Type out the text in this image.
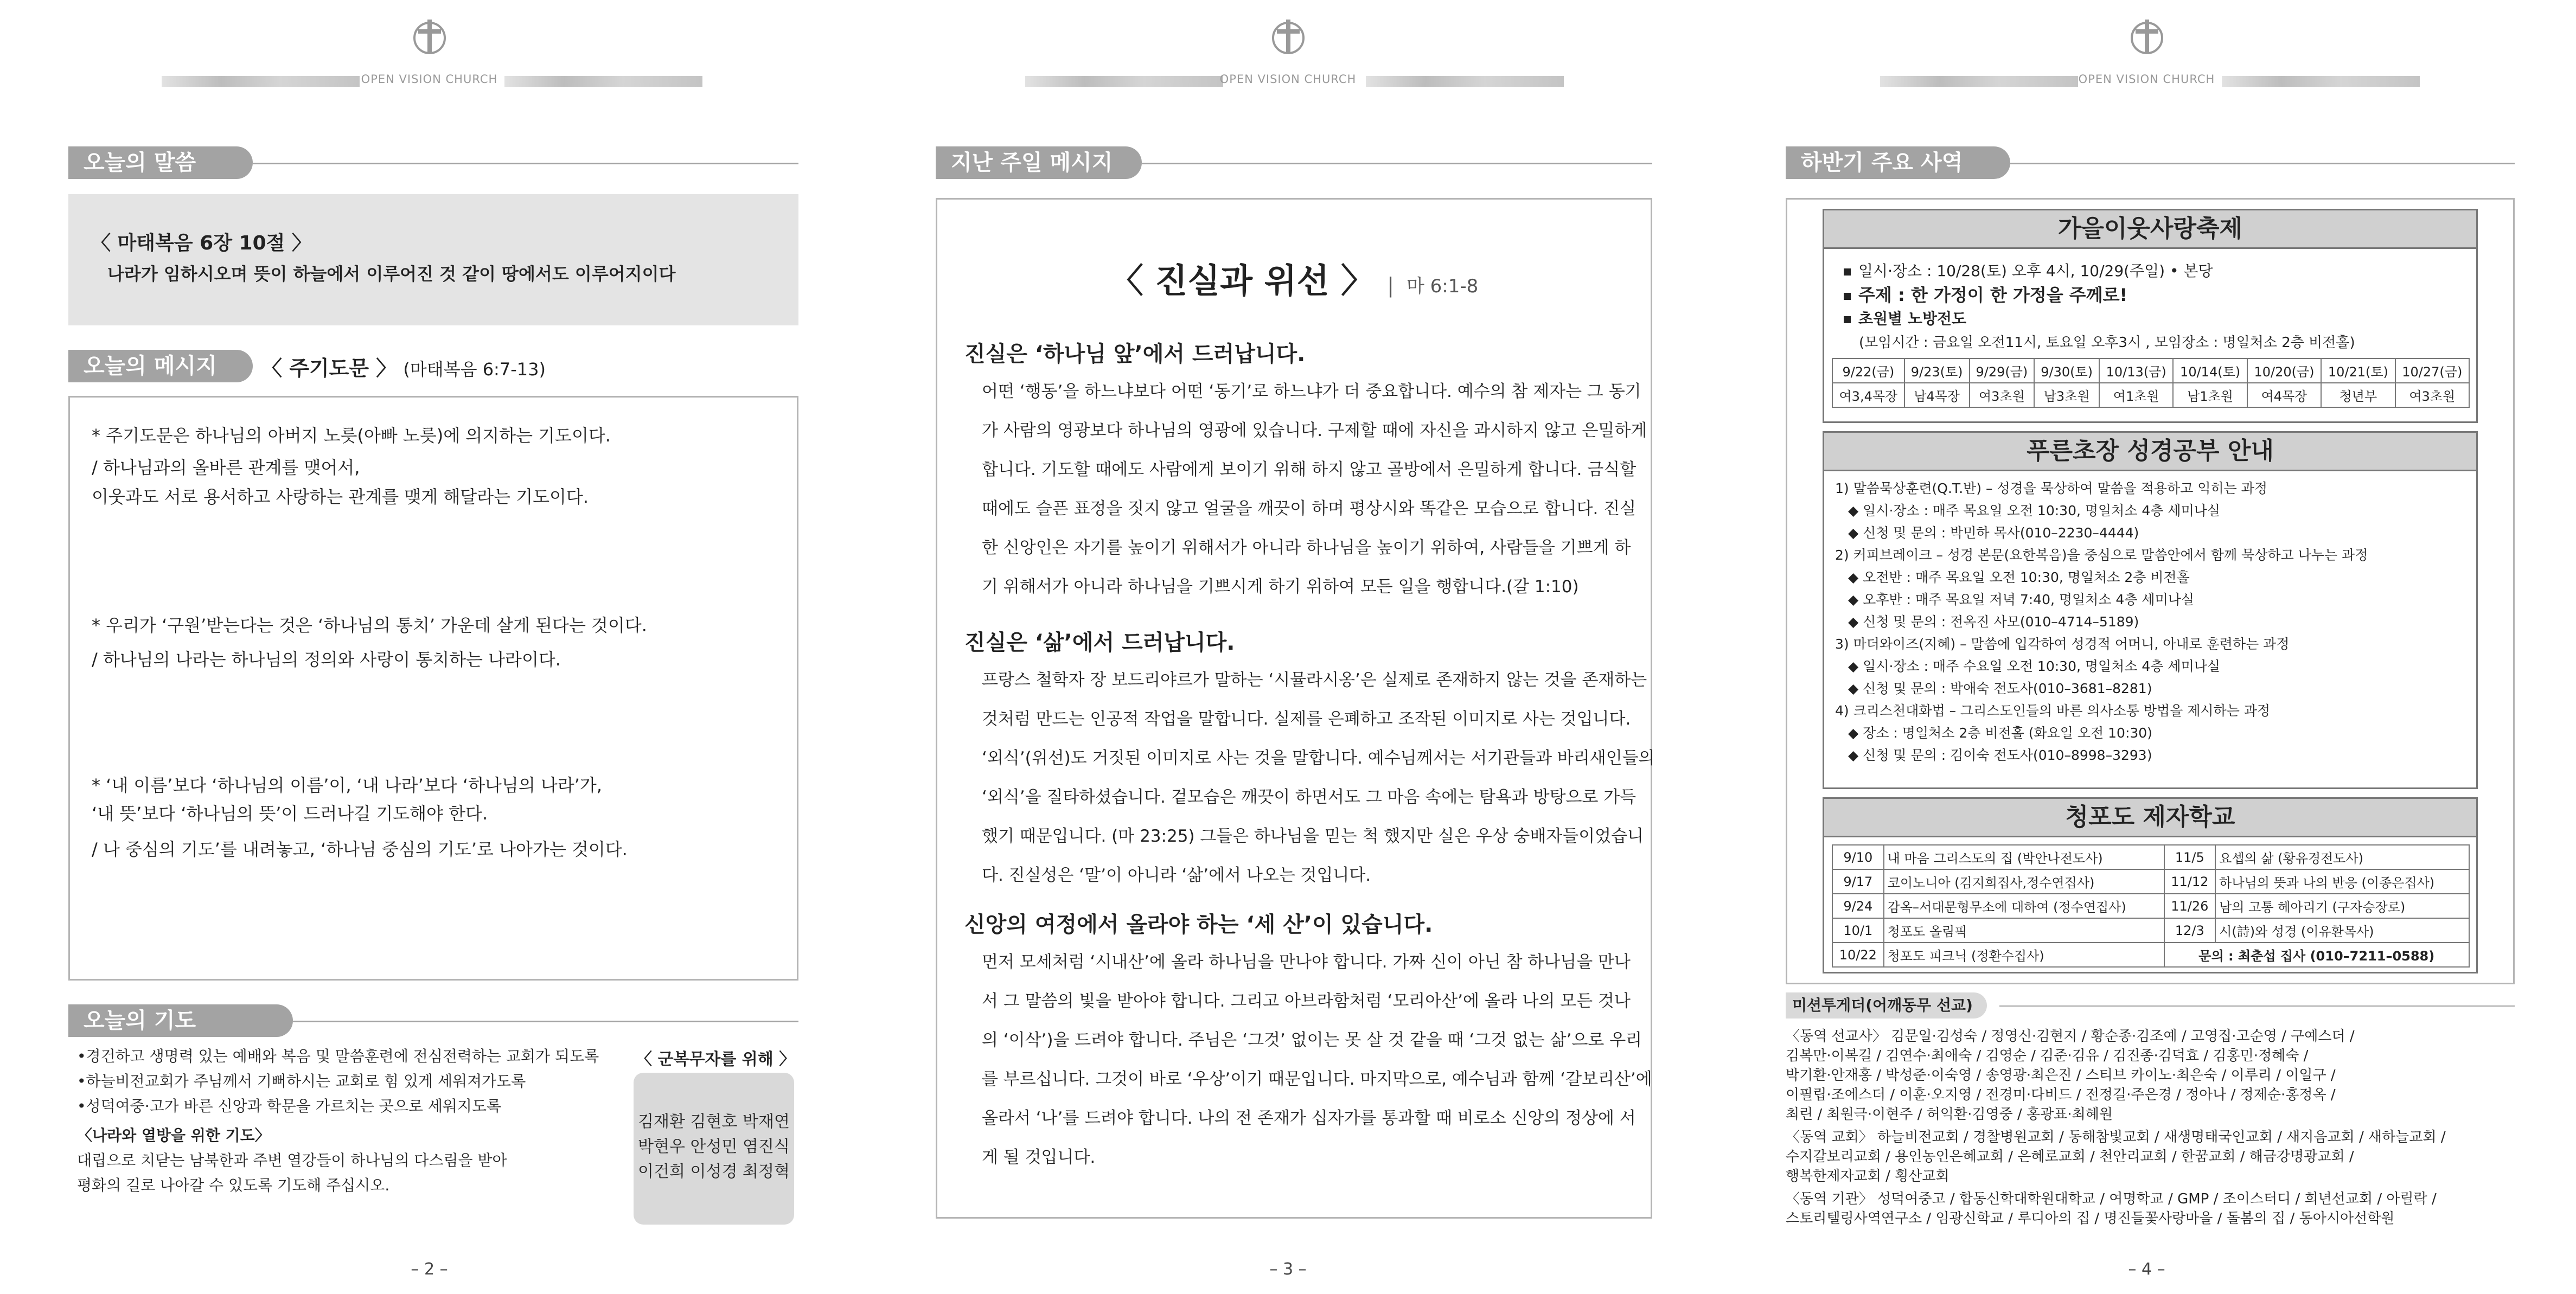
OPEN VISION CHURCH
오늘의 말씀

〈 마태복음 6장 10절 〉

나라가 임하시오며 뜻이 하늘에서 이루어진 것 같이 땅에서도 이루어지이다

오늘의 메시지	〈 주기도문 〉 (마태복음 6:7-13)

* 주기도문은 하나님의 아버지 노릇(아빠 노릇)에 의지하는 기도이다.

/ 하나님과의 올바른 관계를 맺어서,

이웃과도 서로 용서하고 사랑하는 관계를 맺게 해달라는 기도이다.

* 우리가 ‘구원’받는다는 것은 ‘하나님의 통치’ 가운데 살게 된다는 것이다.

/ 하나님의 나라는 하나님의 정의와 사랑이 통치하는 나라이다.

* ‘내 이름’보다 ‘하나님의 이름’이, ‘내 나라’보다 ‘하나님의 나라’가,

‘내 뜻’보다 ‘하나님의 뜻’이 드러나길 기도해야 한다.

/ 나 중심의 기도’를 내려놓고, ‘하나님 중심의 기도’로 나아가는 것이다.

오늘의 기도

•경건하고 생명력 있는 예배와 복음 및 말씀훈련에 전심전력하는 교회가 되도록

•하늘비전교회가 주님께서 기뻐하시는 교회로 힘 있게 세워져가도록

•성덕여중·고가 바른 신앙과 학문을 가르치는 곳으로 세워지도록

〈나라와 열방을 위한 기도〉

대립으로 치닫는 남북한과 주변 열강들이 하나님의 다스림을 받아

평화의 길로 나아갈 수 있도록 기도해 주십시오.

〈 군복무자를 위해 〉

김재환 김현호 박재연

박현우 안성민 염진식

이건희 이성경 최정혁

– 2 –
OPEN VISION CHURCH
지난 주일 메시지
〈 진실과 위선 〉 | 마 6:1-8

진실은 ‘하나님 앞’에서 드러납니다.

어떤 ‘행동’을 하느냐보다 어떤 ‘동기’로 하느냐가 더 중요합니다. 예수의 참 제자는 그 동기

가 사람의 영광보다 하나님의 영광에 있습니다. 구제할 때에 자신을 과시하지 않고 은밀하게

합니다. 기도할 때에도 사람에게 보이기 위해 하지 않고 골방에서 은밀하게 합니다. 금식할

때에도 슬픈 표정을 짓지 않고 얼굴을 깨끗이 하며 평상시와 똑같은 모습으로 합니다. 진실

한 신앙인은 자기를 높이기 위해서가 아니라 하나님을 높이기 위하여, 사람들을 기쁘게 하

기 위해서가 아니라 하나님을 기쁘시게 하기 위하여 모든 일을 행합니다.(갈 1:10)

진실은 ‘삶’에서 드러납니다.

프랑스 철학자 장 보드리야르가 말하는 ‘시뮬라시옹’은 실제로 존재하지 않는 것을 존재하는

것처럼 만드는 인공적 작업을 말합니다. 실제를 은폐하고 조작된 이미지로 사는 것입니다.

‘외식’(위선)도 거짓된 이미지로 사는 것을 말합니다. 예수님께서는 서기관들과 바리새인들의

‘외식’을 질타하셨습니다. 겉모습은 깨끗이 하면서도 그 마음 속에는 탐욕과 방탕으로 가득

했기 때문입니다. (마 23:25) 그들은 하나님을 믿는 척 했지만 실은 우상 숭배자들이었습니

다. 진실성은 ‘말’이 아니라 ‘삶’에서 나오는 것입니다.

신앙의 여정에서 올라야 하는 ‘세 산’이 있습니다.

먼저 모세처럼 ‘시내산’에 올라 하나님을 만나야 합니다. 가짜 신이 아닌 참 하나님을 만나

서 그 말씀의 빛을 받아야 합니다. 그리고 아브라함처럼 ‘모리아산’에 올라 나의 모든 것나

의 ‘이삭’)을 드려야 합니다. 주님은 ‘그것’ 없이는 못 살 것 같을 때 ‘그것 없는 삶’으로 우리

를 부르십니다. 그것이 바로 ‘우상’이기 때문입니다. 마지막으로, 예수님과 함께 ‘갈보리산’에

올라서 ‘나’를 드려야 합니다. 나의 전 존재가 십자가를 통과할 때 비로소 신앙의 정상에 서

게 될 것입니다.

– 3 –
OPEN VISION CHURCH
하반기 주요 사역
가을이웃사랑축제

일시·장소 : 10/28(토) 오후 4시, 10/29(주일) • 본당

주제 : 한 가정이 한 가정을 주께로!

초원별 노방전도

(모임시간 : 금요일 오전11시, 토요일 오후3시 , 모임장소 : 명일처소 2층 비전홀)

9/22(금)	9/23(토)	9/29(금)	9/30(토)	10/13(금)	10/14(토)	10/20(금)	10/21(토)	10/27(금)
여3,4목장	남4목장	여3초원	남3초원	여1초원	남1초원	여4목장	청년부	여3초원
푸른초장 성경공부 안내

1) 말씀묵상훈련(Q.T.반) – 성경을 묵상하여 말씀을 적용하고 익히는 과정

◆ 일시·장소 : 매주 목요일 오전 10:30, 명일처소 4층 세미나실

◆ 신청 및 문의 : 박민하 목사(010–2230–4444)

2) 커피브레이크 – 성경 본문(요한복음)을 중심으로 말씀안에서 함께 묵상하고 나누는 과정

◆ 오전반 : 매주 목요일 오전 10:30, 명일처소 2층 비전홀

◆ 오후반 : 매주 목요일 저녁 7:40, 명일처소 4층 세미나실

◆ 신청 및 문의 : 전옥진 사모(010–4714–5189)

3) 마더와이즈(지혜) – 말씀에 입각하여 성경적 어머니, 아내로 훈련하는 과정

◆ 일시·장소 : 매주 수요일 오전 10:30, 명일처소 4층 세미나실

◆ 신청 및 문의 : 박애숙 전도사(010–3681–8281)

4) 크리스천대화법 – 그리스도인들의 바른 의사소통 방법을 제시하는 과정

◆ 장소 : 명일처소 2층 비전홀 (화요일 오전 10:30)

◆ 신청 및 문의 : 김이숙 전도사(010–8998–3293)

청포도 제자학교
9/10	내 마음 그리스도의 집 (박안나전도사)	11/5	요셉의 삶 (황유경전도사)
9/17	코이노니아 (김지희집사,정수연집사)	11/12	하나님의 뜻과 나의 반응 (이종은집사)
9/24	감옥–서대문형무소에 대하여 (정수연집사)	11/26	남의 고통 헤아리기 (구자승장로)
10/1	청포도 올림픽	12/3	시(詩)와 성경 (이유환목사)
10/22	청포도 피크닉 (정환수집사)	문의 : 최춘섭 집사 (010–7211–0588)	
미션투게더(어깨동무 선교)

〈동역 선교사〉 김문일·김성숙 / 정영신·김현지 / 황순종·김조예 / 고영집·고순영 / 구예스더 /

김복만·이복길 / 김연수·최애숙 / 김영순 / 김준·김유 / 김진종·김덕효 / 김홍민·정혜숙 /

박기환·안재홍 / 박성준·이숙영 / 송영광·최은진 / 스티브 카이노·최은숙 / 이루리 / 이일구 /

이필립·조에스더 / 이훈·오지영 / 전경미·다비드 / 전정길·주은경 / 정아나 / 정제순·홍정옥 /

최린 / 최원극·이현주 / 허익환·김영중 / 홍광표·최혜원

〈동역 교회〉 하늘비전교회 / 경찰병원교회 / 동해참빛교회 / 새생명태국인교회 / 새지음교회 / 새하늘교회 /

수지갈보리교회 / 용인농인은혜교회 / 은혜로교회 / 천안리교회 / 한꿈교회 / 해금강명광교회 /

행복한제자교회 / 횡산교회

〈동역 기관〉 성덕여중고 / 합동신학대학원대학교 / 여명학교 / GMP / 조이스터디 / 희년선교회 / 아릴락 /

스토리텔링사역연구소 / 임광신학교 / 루디아의 집 / 명진들꽃사랑마을 / 돌봄의 집 / 동아시아선학원

– 4 –
